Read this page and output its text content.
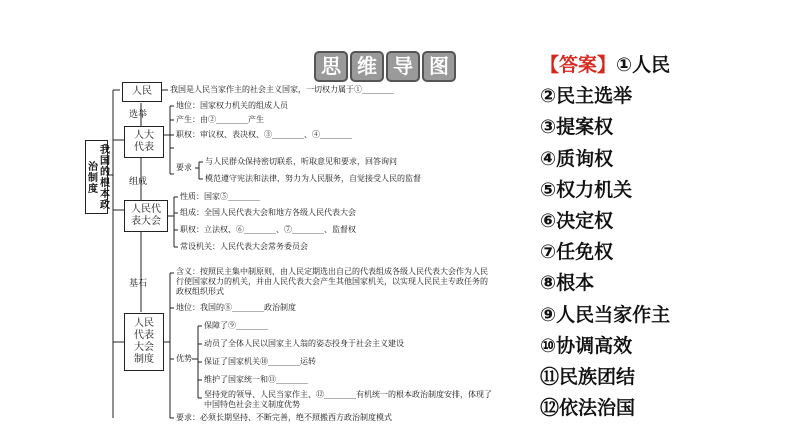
思 维 导 图
我国的根本政治制度
人民
人大
代表
人民代
表大会
人民
代表
大会
制度
选举
组成
基石
我国是人民当家作主的社会主义国家，一切权力属于①________
地位：国家权力机关的组成人员
产生：由②________产生
职权：审议权、表决权、③________、④________
要求
与人民群众保持密切联系，听取意见和要求，回答询问
模范遵守宪法和法律，努力为人民服务，自觉接受人民的监督
性质：国家⑤________
组成：全国人民代表大会和地方各级人民代表大会
职权：立法权、⑥________、⑦________、监督权
常设机关：人民代表大会常务委员会
含义：按照民主集中制原则，由人民定期选出自己的代表组成各级人民代表大会作为人民行使国家权力的机关，并由人民代表大会产生其他国家机关，以实现人民民主专政任务的政权组织形式
地位：我国的⑧________政治制度
优势
保障了⑨________
动员了全体人民以国家主人翁的姿态投身于社会主义建设
保证了国家机关⑩________运转
维护了国家统一和⑪________
坚持党的领导、人民当家作主、⑫________有机统一的根本政治制度安排，体现了中国特色社会主义制度优势
要求：必须长期坚持、不断完善，绝不照搬西方政治制度模式
【答案】①人民
②民主选举
③提案权
④质询权
⑤权力机关
⑥决定权
⑦任免权
⑧根本
⑨人民当家作主
⑩协调高效
⑪民族团结
⑫依法治国
